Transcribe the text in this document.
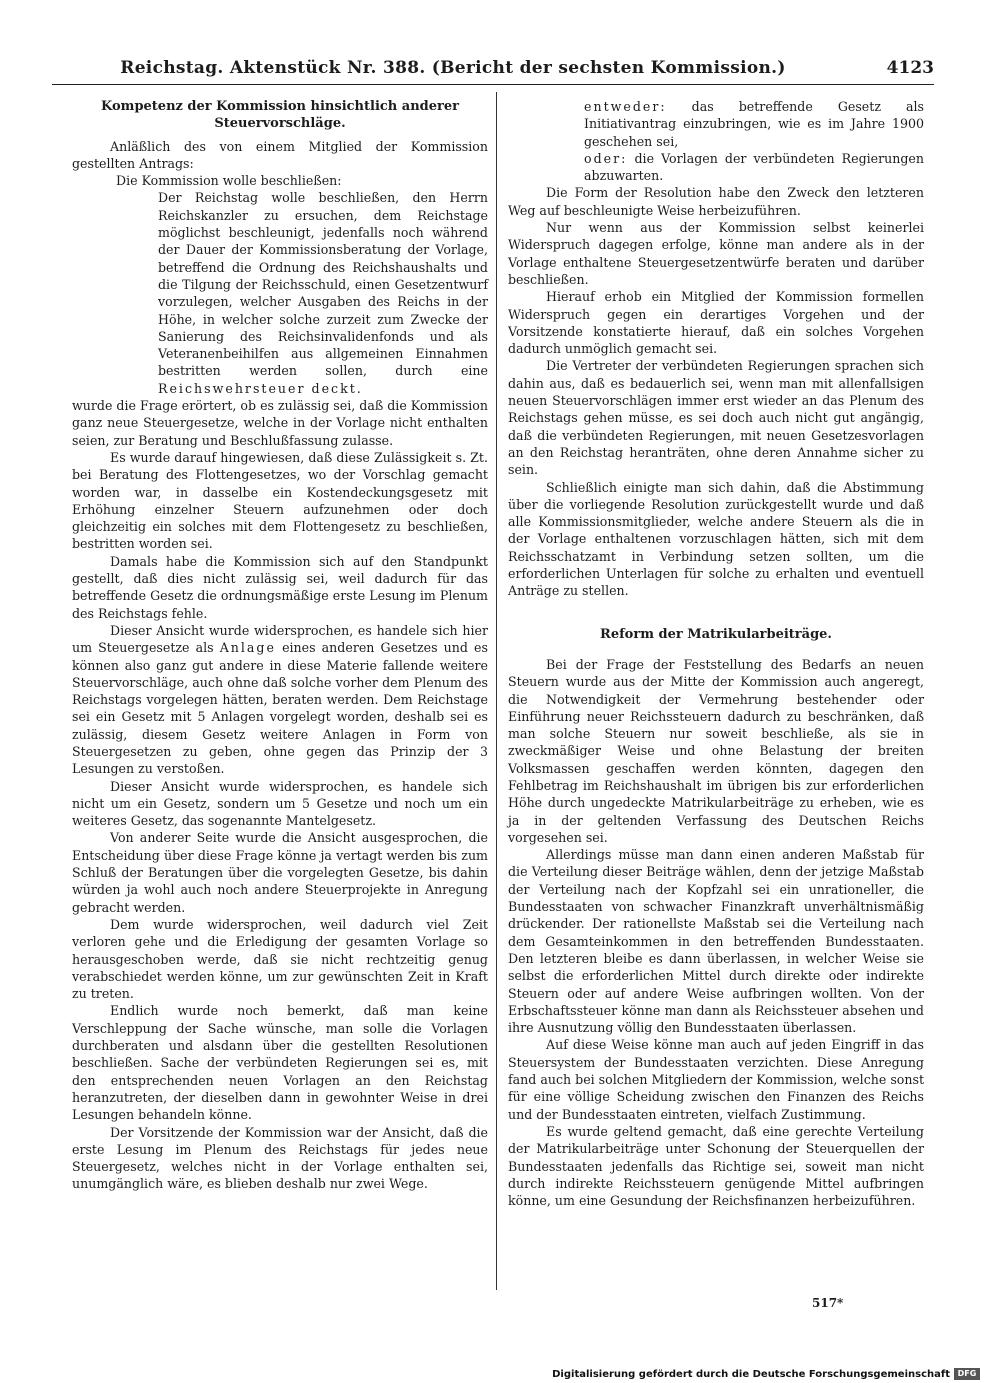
Reichstag. Aktenstück Nr. 388. (Bericht der sechsten Kommission.)	4123
Kompetenz der Kommission hinsichtlich anderer Steuervorschläge.

Anläßlich des von einem Mitglied der Kommission gestellten Antrags:

Die Kommission wolle beschließen:

Der Reichstag wolle beschließen, den Herrn Reichskanzler zu ersuchen, dem Reichstage möglichst beschleunigt, jedenfalls noch während der Dauer der Kommissionsberatung der Vorlage, betreffend die Ordnung des Reichshaushalts und die Tilgung der Reichsschuld, einen Gesetzentwurf vorzulegen, welcher Ausgaben des Reichs in der Höhe, in welcher solche zurzeit zum Zwecke der Sanierung des Reichsinvalidenfonds und als Veteranenbeihilfen aus allgemeinen Einnahmen bestritten werden sollen, durch eine Reichswehrsteuer deckt.

wurde die Frage erörtert, ob es zulässig sei, daß die Kommission ganz neue Steuergesetze, welche in der Vorlage nicht enthalten seien, zur Beratung und Beschlußfassung zulasse.

Es wurde darauf hingewiesen, daß diese Zulässigkeit s. Zt. bei Beratung des Flottengesetzes, wo der Vorschlag gemacht worden war, in dasselbe ein Kostendeckungsgesetz mit Erhöhung einzelner Steuern aufzunehmen oder doch gleichzeitig ein solches mit dem Flottengesetz zu beschließen, bestritten worden sei.

Damals habe die Kommission sich auf den Standpunkt gestellt, daß dies nicht zulässig sei, weil dadurch für das betreffende Gesetz die ordnungsmäßige erste Lesung im Plenum des Reichstags fehle.

Dieser Ansicht wurde widersprochen, es handele sich hier um Steuergesetze als Anlage eines anderen Gesetzes und es können also ganz gut andere in diese Materie fallende weitere Steuervorschläge, auch ohne daß solche vorher dem Plenum des Reichstags vorgelegen hätten, beraten werden. Dem Reichstage sei ein Gesetz mit 5 Anlagen vorgelegt worden, deshalb sei es zulässig, diesem Gesetz weitere Anlagen in Form von Steuergesetzen zu geben, ohne gegen das Prinzip der 3 Lesungen zu verstoßen.

Dieser Ansicht wurde widersprochen, es handele sich nicht um ein Gesetz, sondern um 5 Gesetze und noch um ein weiteres Gesetz, das sogenannte Mantelgesetz.

Von anderer Seite wurde die Ansicht ausgesprochen, die Entscheidung über diese Frage könne ja vertagt werden bis zum Schluß der Beratungen über die vorgelegten Gesetze, bis dahin würden ja wohl auch noch andere Steuerprojekte in Anregung gebracht werden.

Dem wurde widersprochen, weil dadurch viel Zeit verloren gehe und die Erledigung der gesamten Vorlage so herausgeschoben werde, daß sie nicht rechtzeitig genug verabschiedet werden könne, um zur gewünschten Zeit in Kraft zu treten.

Endlich wurde noch bemerkt, daß man keine Verschleppung der Sache wünsche, man solle die Vorlagen durchberaten und alsdann über die gestellten Resolutionen beschließen. Sache der verbündeten Regierungen sei es, mit den entsprechenden neuen Vorlagen an den Reichstag heranzutreten, der dieselben dann in gewohnter Weise in drei Lesungen behandeln könne.

Der Vorsitzende der Kommission war der Ansicht, daß die erste Lesung im Plenum des Reichstags für jedes neue Steuergesetz, welches nicht in der Vorlage enthalten sei, unumgänglich wäre, es blieben deshalb nur zwei Wege.

entweder: das betreffende Gesetz als Initiativantrag einzubringen, wie es im Jahre 1900 geschehen sei,

oder: die Vorlagen der verbündeten Regierungen abzuwarten.

Die Form der Resolution habe den Zweck den letzteren Weg auf beschleunigte Weise herbeizuführen.

Nur wenn aus der Kommission selbst keinerlei Widerspruch dagegen erfolge, könne man andere als in der Vorlage enthaltene Steuergesetzentwürfe beraten und darüber beschließen.

Hierauf erhob ein Mitglied der Kommission formellen Widerspruch gegen ein derartiges Vorgehen und der Vorsitzende konstatierte hierauf, daß ein solches Vorgehen dadurch unmöglich gemacht sei.

Die Vertreter der verbündeten Regierungen sprachen sich dahin aus, daß es bedauerlich sei, wenn man mit allenfallsigen neuen Steuervorschlägen immer erst wieder an das Plenum des Reichstags gehen müsse, es sei doch auch nicht gut angängig, daß die verbündeten Regierungen, mit neuen Gesetzesvorlagen an den Reichstag heranträten, ohne deren Annahme sicher zu sein.

Schließlich einigte man sich dahin, daß die Abstimmung über die vorliegende Resolution zurückgestellt wurde und daß alle Kommissionsmitglieder, welche andere Steuern als die in der Vorlage enthaltenen vorzuschlagen hätten, sich mit dem Reichsschatzamt in Verbindung setzen sollten, um die erforderlichen Unterlagen für solche zu erhalten und eventuell Anträge zu stellen.

Reform der Matrikularbeiträge.

Bei der Frage der Feststellung des Bedarfs an neuen Steuern wurde aus der Mitte der Kommission auch angeregt, die Notwendigkeit der Vermehrung bestehender oder Einführung neuer Reichssteuern dadurch zu beschränken, daß man solche Steuern nur soweit beschließe, als sie in zweckmäßiger Weise und ohne Belastung der breiten Volksmassen geschaffen werden könnten, dagegen den Fehlbetrag im Reichshaushalt im übrigen bis zur erforderlichen Höhe durch ungedeckte Matrikularbeiträge zu erheben, wie es ja in der geltenden Verfassung des Deutschen Reichs vorgesehen sei.

Allerdings müsse man dann einen anderen Maßstab für die Verteilung dieser Beiträge wählen, denn der jetzige Maßstab der Verteilung nach der Kopfzahl sei ein unrationeller, die Bundesstaaten von schwacher Finanzkraft unverhältnismäßig drückender. Der rationellste Maßstab sei die Verteilung nach dem Gesamteinkommen in den betreffenden Bundesstaaten. Den letzteren bleibe es dann überlassen, in welcher Weise sie selbst die erforderlichen Mittel durch direkte oder indirekte Steuern oder auf andere Weise aufbringen wollten. Von der Erbschaftssteuer könne man dann als Reichssteuer absehen und ihre Ausnutzung völlig den Bundesstaaten überlassen.

Auf diese Weise könne man auch auf jeden Eingriff in das Steuersystem der Bundesstaaten verzichten. Diese Anregung fand auch bei solchen Mitgliedern der Kommission, welche sonst für eine völlige Scheidung zwischen den Finanzen des Reichs und der Bundesstaaten eintreten, vielfach Zustimmung.

Es wurde geltend gemacht, daß eine gerechte Verteilung der Matrikularbeiträge unter Schonung der Steuerquellen der Bundesstaaten jedenfalls das Richtige sei, soweit man nicht durch indirekte Reichssteuern genügende Mittel aufbringen könne, um eine Gesundung der Reichsfinanzen herbeizuführen.

517*
Digitalisierung gefördert durch die Deutsche Forschungsgemeinschaft DFG
